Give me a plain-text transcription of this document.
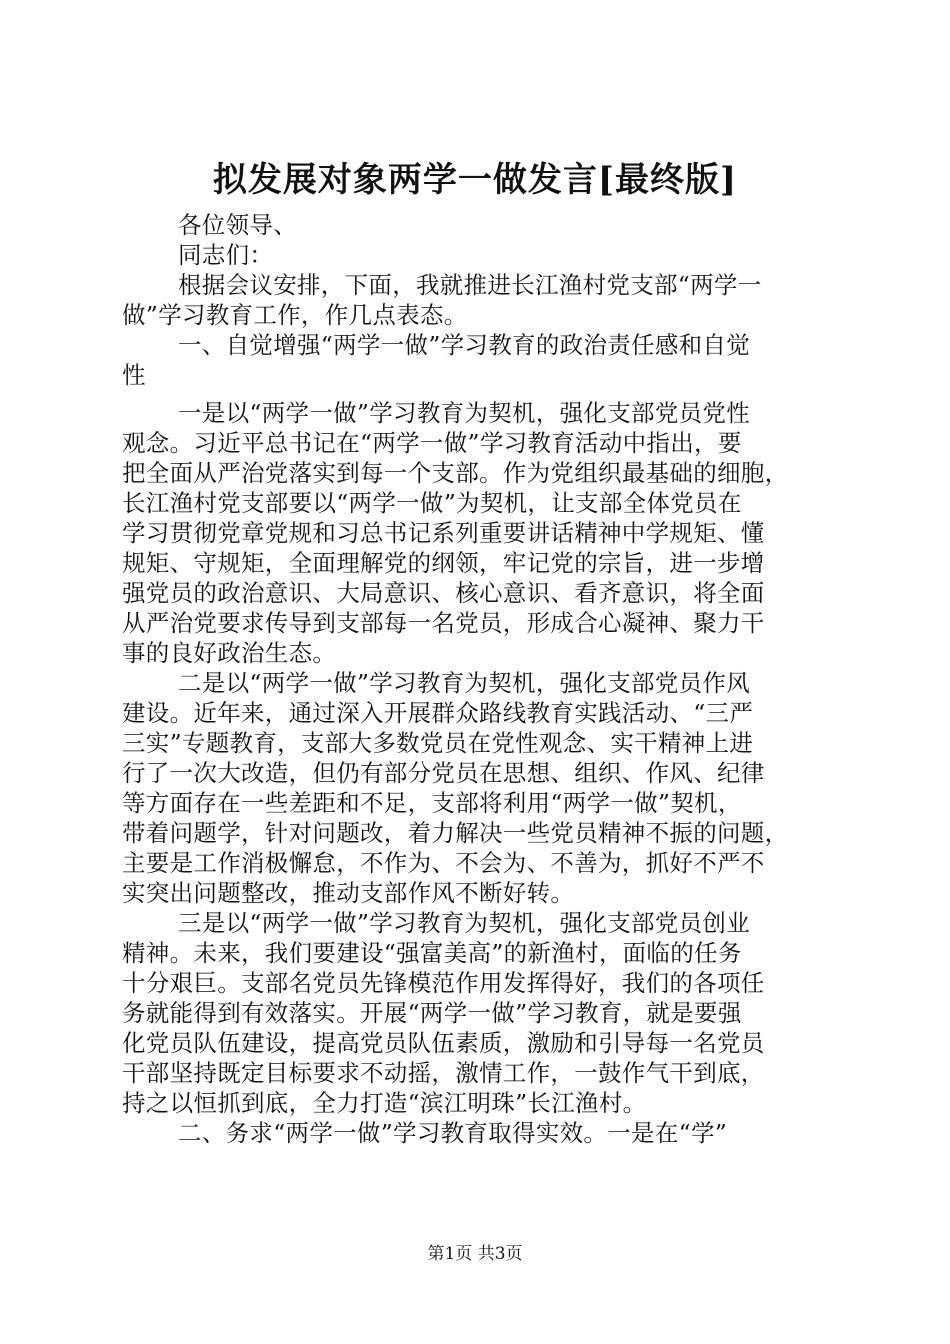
拟发展对象两学一做发言[最终版]
各位领导、
同志们：
根据会议安排，下面，我就推进长江渔村党支部“两学一
做”学习教育工作，作几点表态。
一、自觉增强“两学一做”学习教育的政治责任感和自觉
性
一是以“两学一做”学习教育为契机，强化支部党员党性
观念。习近平总书记在“两学一做”学习教育活动中指出，要
把全面从严治党落实到每一个支部。作为党组织最基础的细胞，
长江渔村党支部要以“两学一做”为契机，让支部全体党员在
学习贯彻党章党规和习总书记系列重要讲话精神中学规矩、懂
规矩、守规矩，全面理解党的纲领，牢记党的宗旨，进一步增
强党员的政治意识、大局意识、核心意识、看齐意识，将全面
从严治党要求传导到支部每一名党员，形成合心凝神、聚力干
事的良好政治生态。
二是以“两学一做”学习教育为契机，强化支部党员作风
建设。近年来，通过深入开展群众路线教育实践活动、“三严
三实”专题教育，支部大多数党员在党性观念、实干精神上进
行了一次大改造，但仍有部分党员在思想、组织、作风、纪律
等方面存在一些差距和不足，支部将利用“两学一做”契机，
带着问题学，针对问题改，着力解决一些党员精神不振的问题，
主要是工作消极懈怠，不作为、不会为、不善为，抓好不严不
实突出问题整改，推动支部作风不断好转。
三是以“两学一做”学习教育为契机，强化支部党员创业
精神。未来，我们要建设“强富美高”的新渔村，面临的任务
十分艰巨。支部名党员先锋模范作用发挥得好，我们的各项任
务就能得到有效落实。开展“两学一做”学习教育，就是要强
化党员队伍建设，提高党员队伍素质，激励和引导每一名党员
干部坚持既定目标要求不动摇，激情工作，一鼓作气干到底，
持之以恒抓到底，全力打造“滨江明珠”长江渔村。
二、务求“两学一做”学习教育取得实效。一是在“学”
第1页 共3页
